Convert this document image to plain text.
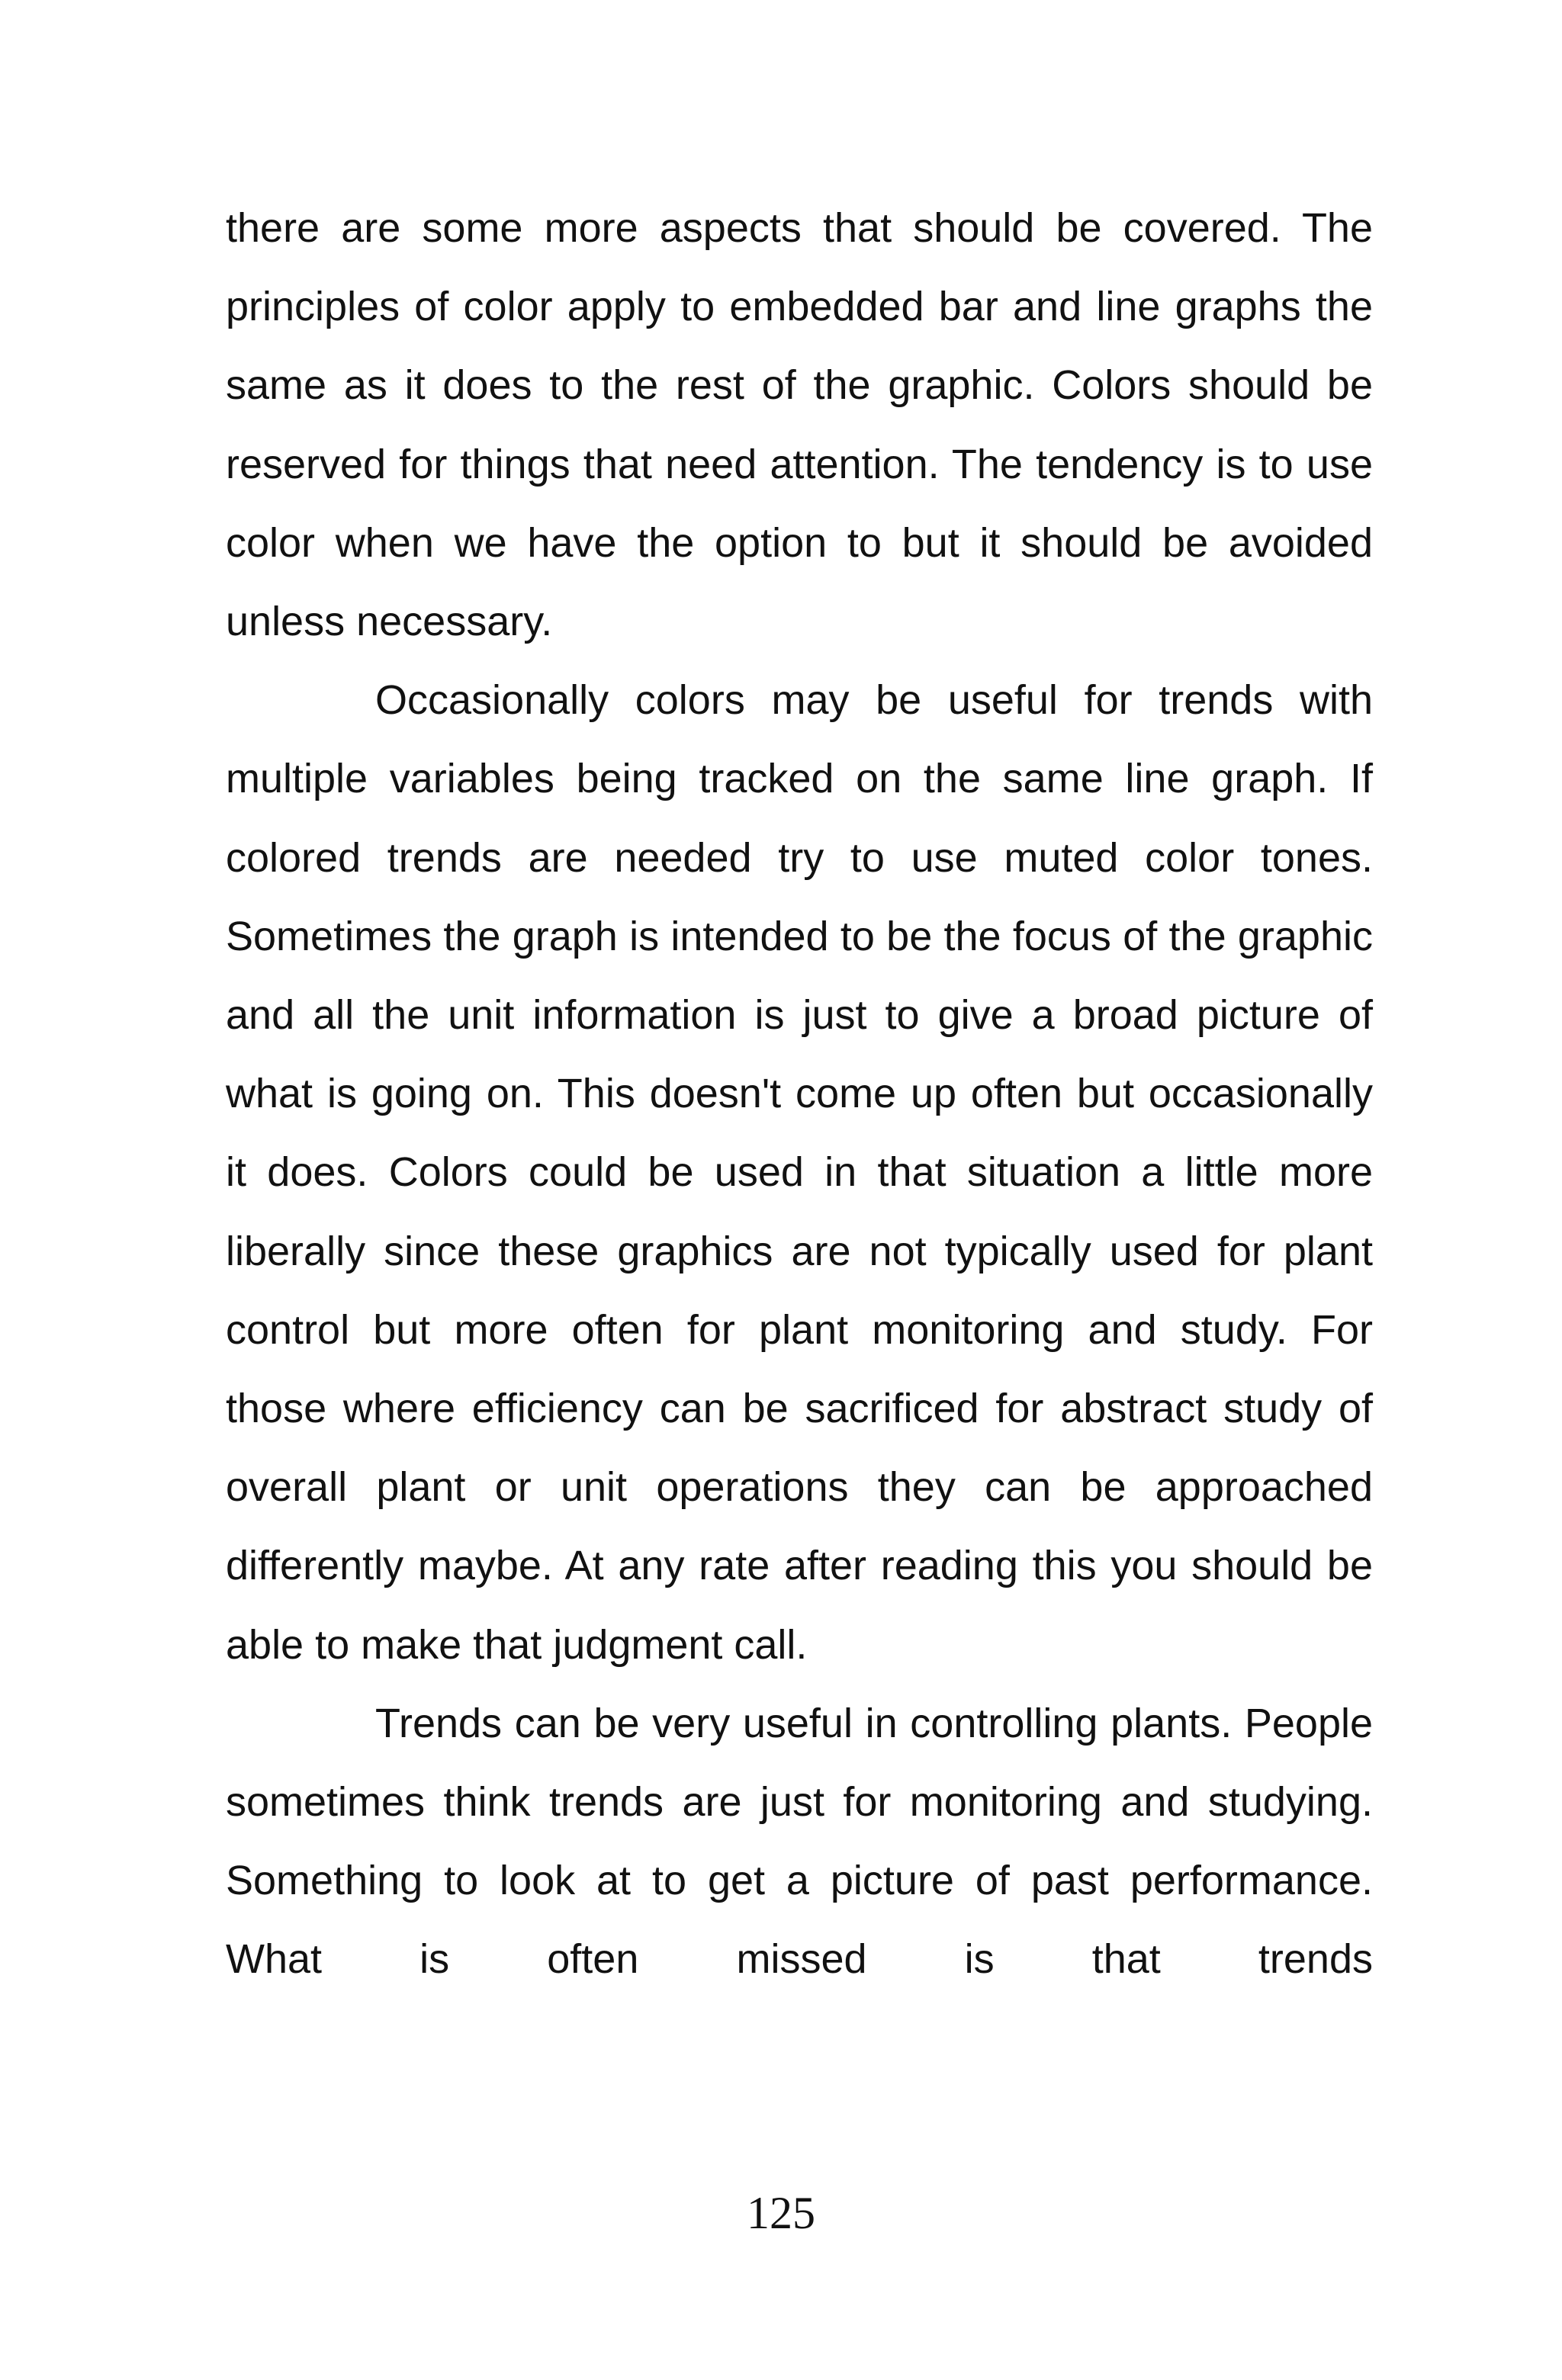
there are some more aspects that should be covered. The principles of color apply to embedded bar and line graphs the same as it does to the rest of the graphic. Colors should be reserved for things that need attention. The tendency is to use color when we have the option to but it should be avoided unless necessary.

Occasionally colors may be useful for trends with multiple variables being tracked on the same line graph. If colored trends are needed try to use muted color tones. Sometimes the graph is intended to be the focus of the graphic and all the unit information is just to give a broad picture of what is going on. This doesn't come up often but occasionally it does. Colors could be used in that situation a little more liberally since these graphics are not typically used for plant control but more often for plant monitoring and study. For those where efficiency can be sacrificed for abstract study of overall plant or unit operations they can be approached differently maybe. At any rate after reading this you should be able to make that judgment call.

Trends can be very useful in controlling plants. People sometimes think trends are just for monitoring and studying. Something to look at to get a picture of past performance. What is often missed is that trends

125
